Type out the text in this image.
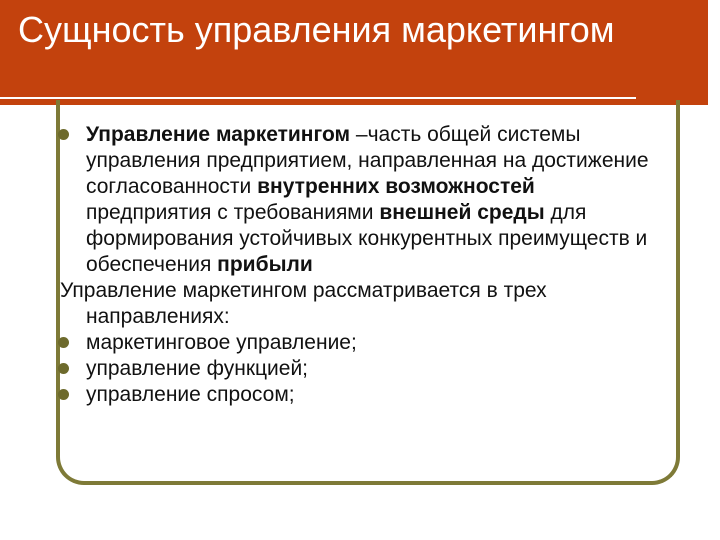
Сущность управления маркетингом

Управление маркетингом –часть общей системы управления предприятием, направленная на достижение согласованности внутренних возможностей предприятия с требованиями внешней среды для формирования устойчивых конкурентных преимуществ и обеспечения прибыли

Управление маркетингом рассматривается в трех направлениях:

маркетинговое управление;

управление функцией;

управление спросом;
